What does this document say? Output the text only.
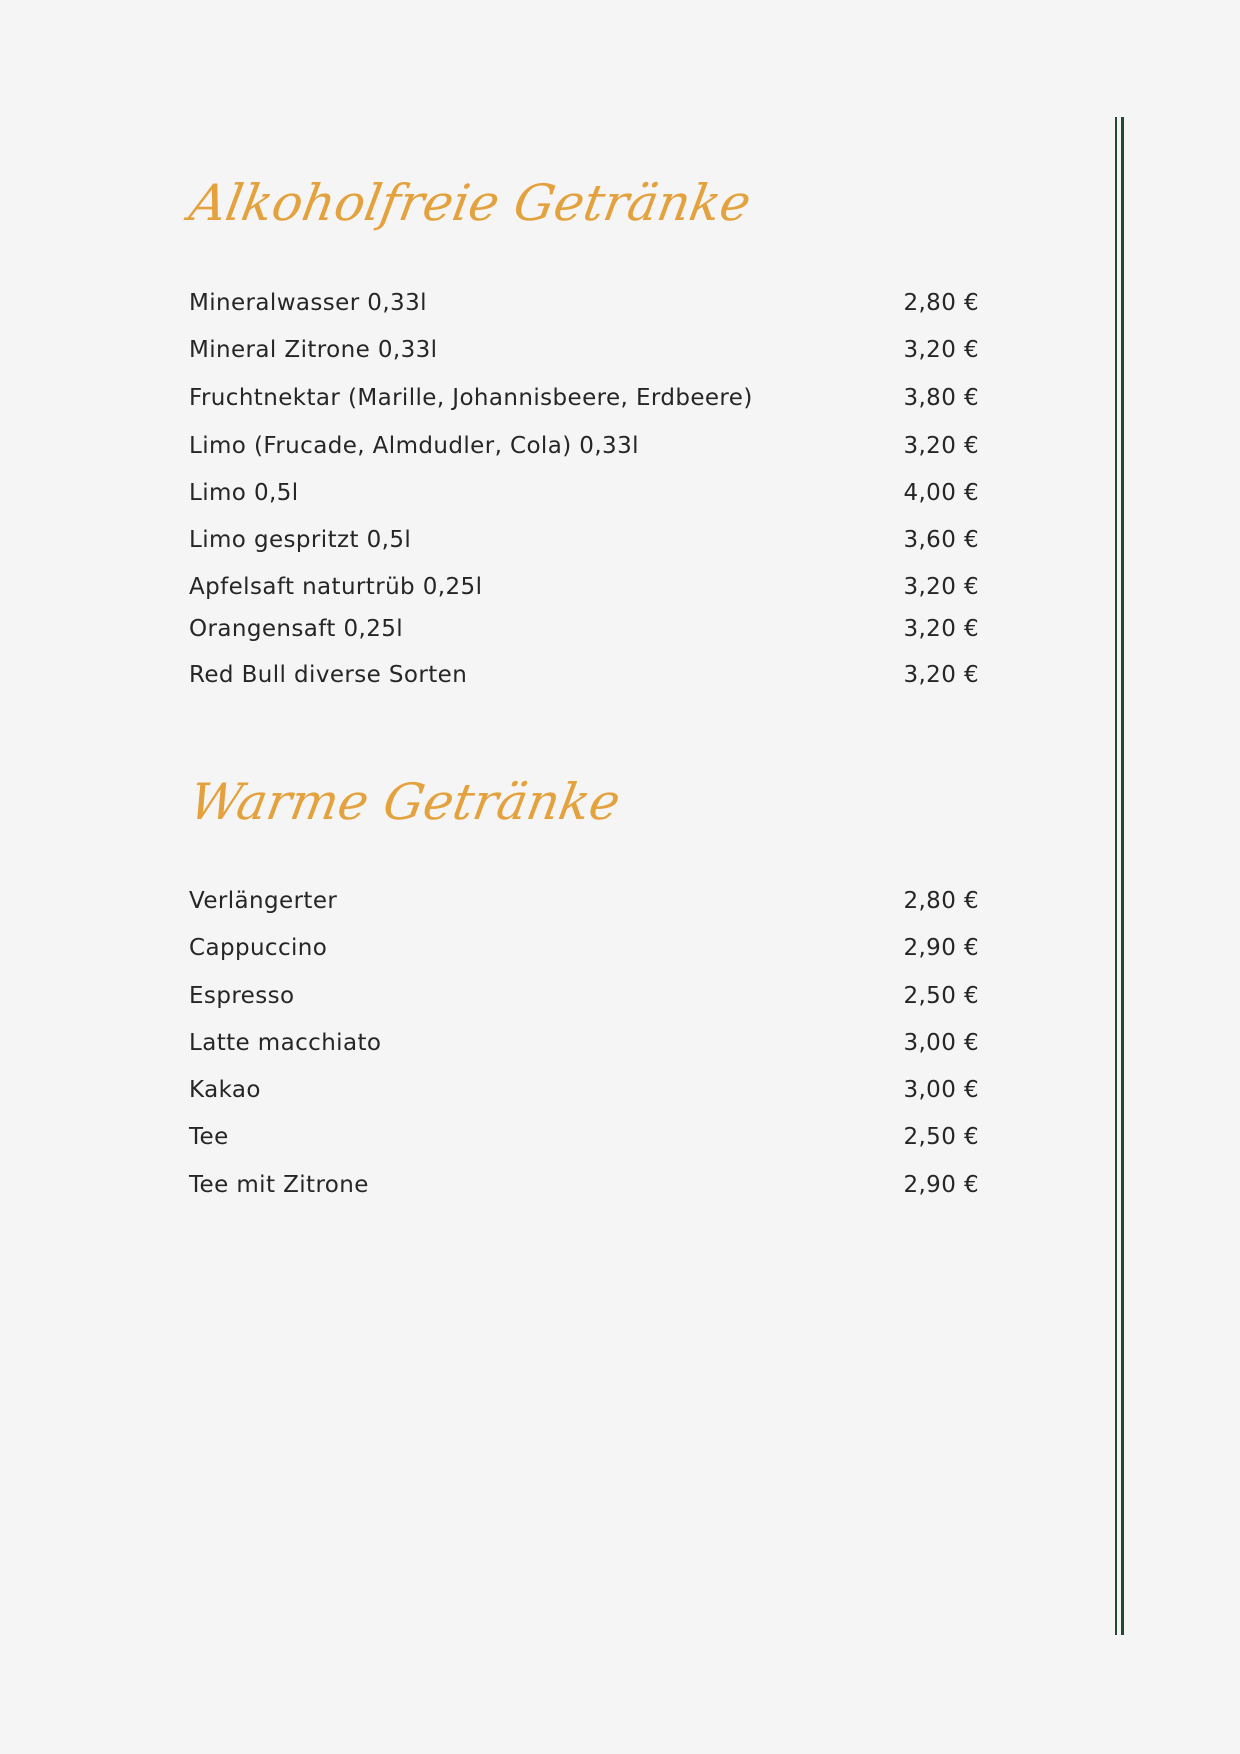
Alkoholfreie Getränke
Mineralwasser 0,33l	2,80 €
Mineral Zitrone 0,33l	3,20 €
Fruchtnektar (Marille, Johannisbeere, Erdbeere)	3,80 €
Limo (Frucade, Almdudler, Cola) 0,33l	3,20 €
Limo 0,5l	4,00 €
Limo gespritzt 0,5l	3,60 €
Apfelsaft naturtrüb 0,25l	3,20 €
Orangensaft 0,25l	3,20 €
Red Bull diverse Sorten	3,20 €
Warme Getränke
Verlängerter	2,80 €
Cappuccino	2,90 €
Espresso	2,50 €
Latte macchiato	3,00 €
Kakao	3,00 €
Tee	2,50 €
Tee mit Zitrone	2,90 €
